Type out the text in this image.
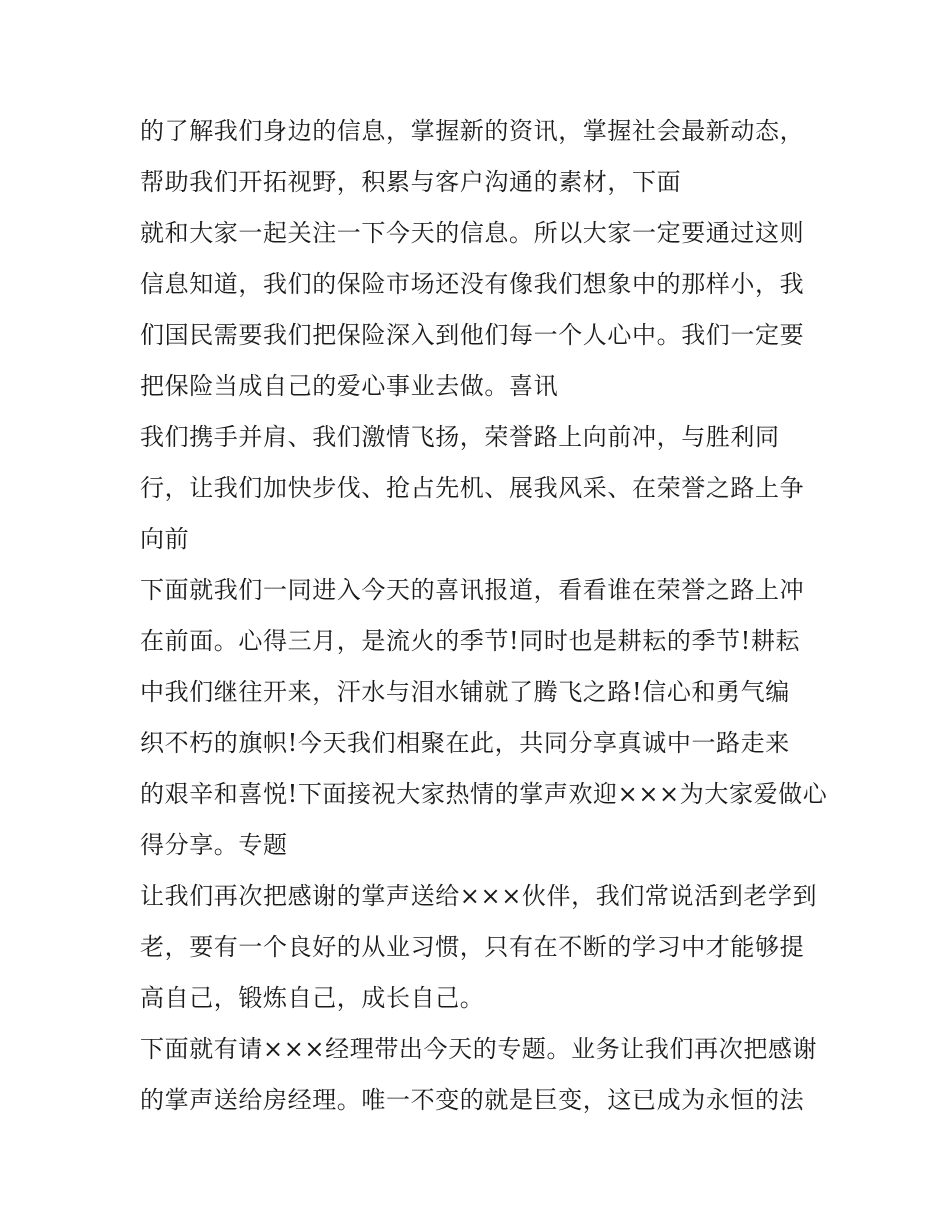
的了解我们身边的信息，掌握新的资讯，掌握社会最新动态，
帮助我们开拓视野，积累与客户沟通的素材，下面
就和大家一起关注一下今天的信息。所以大家一定要通过这则
信息知道，我们的保险市场还没有像我们想象中的那样小，我
们国民需要我们把保险深入到他们每一个人心中。我们一定要
把保险当成自己的爱心事业去做。喜讯
我们携手并肩、我们激情飞扬，荣誉路上向前冲，与胜利同
行，让我们加快步伐、抢占先机、展我风采、在荣誉之路上争
向前
下面就我们一同进入今天的喜讯报道，看看谁在荣誉之路上冲
在前面。心得三月，是流火的季节!同时也是耕耘的季节!耕耘
中我们继往开来，汗水与泪水铺就了腾飞之路!信心和勇气编
织不朽的旗帜!今天我们相聚在此，共同分享真诚中一路走来
的艰辛和喜悦!下面接祝大家热情的掌声欢迎×××为大家爱做心
得分享。专题
让我们再次把感谢的掌声送给×××伙伴，我们常说活到老学到
老，要有一个良好的从业习惯，只有在不断的学习中才能够提
高自己，锻炼自己，成长自己。
下面就有请×××经理带出今天的专题。业务让我们再次把感谢
的掌声送给房经理。唯一不变的就是巨变，这已成为永恒的法
